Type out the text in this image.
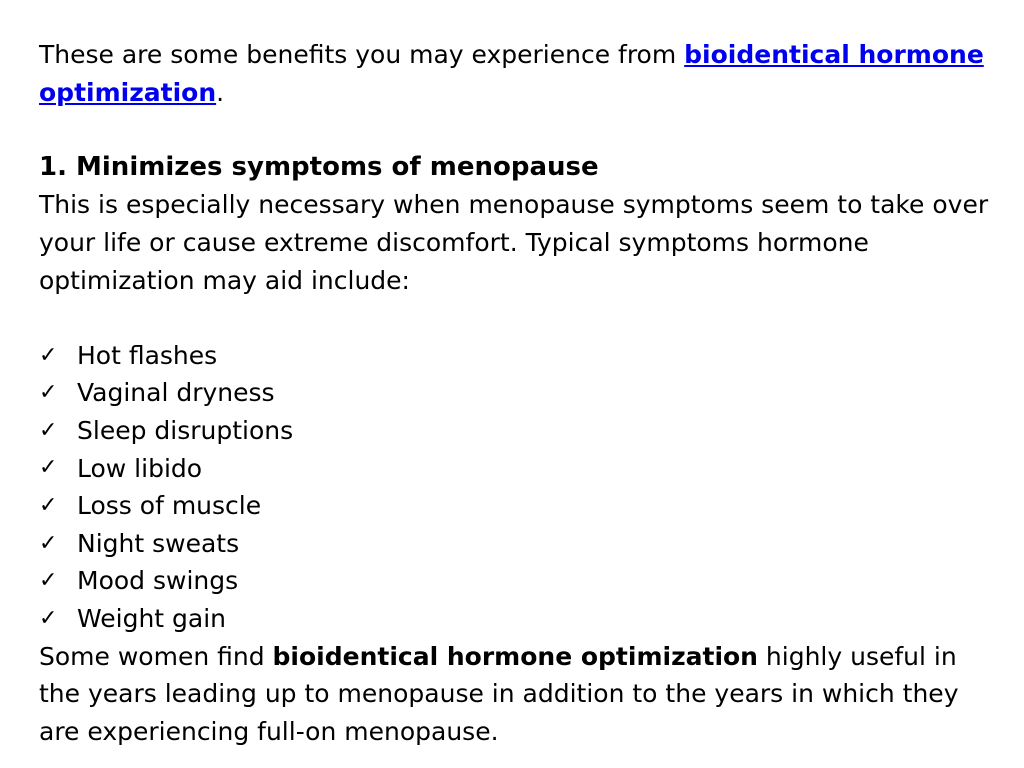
These are some benefits you may experience from bioidentical hormone optimization.

1. Minimizes symptoms of menopause

This is especially necessary when menopause symptoms seem to take over your life or cause extreme discomfort. Typical symptoms hormone optimization may aid include:

✓ Hot flashes
✓ Vaginal dryness
✓ Sleep disruptions
✓ Low libido
✓ Loss of muscle
✓ Night sweats
✓ Mood swings
✓ Weight gain

Some women find bioidentical hormone optimization highly useful in the years leading up to menopause in addition to the years in which they are experiencing full-on menopause.
